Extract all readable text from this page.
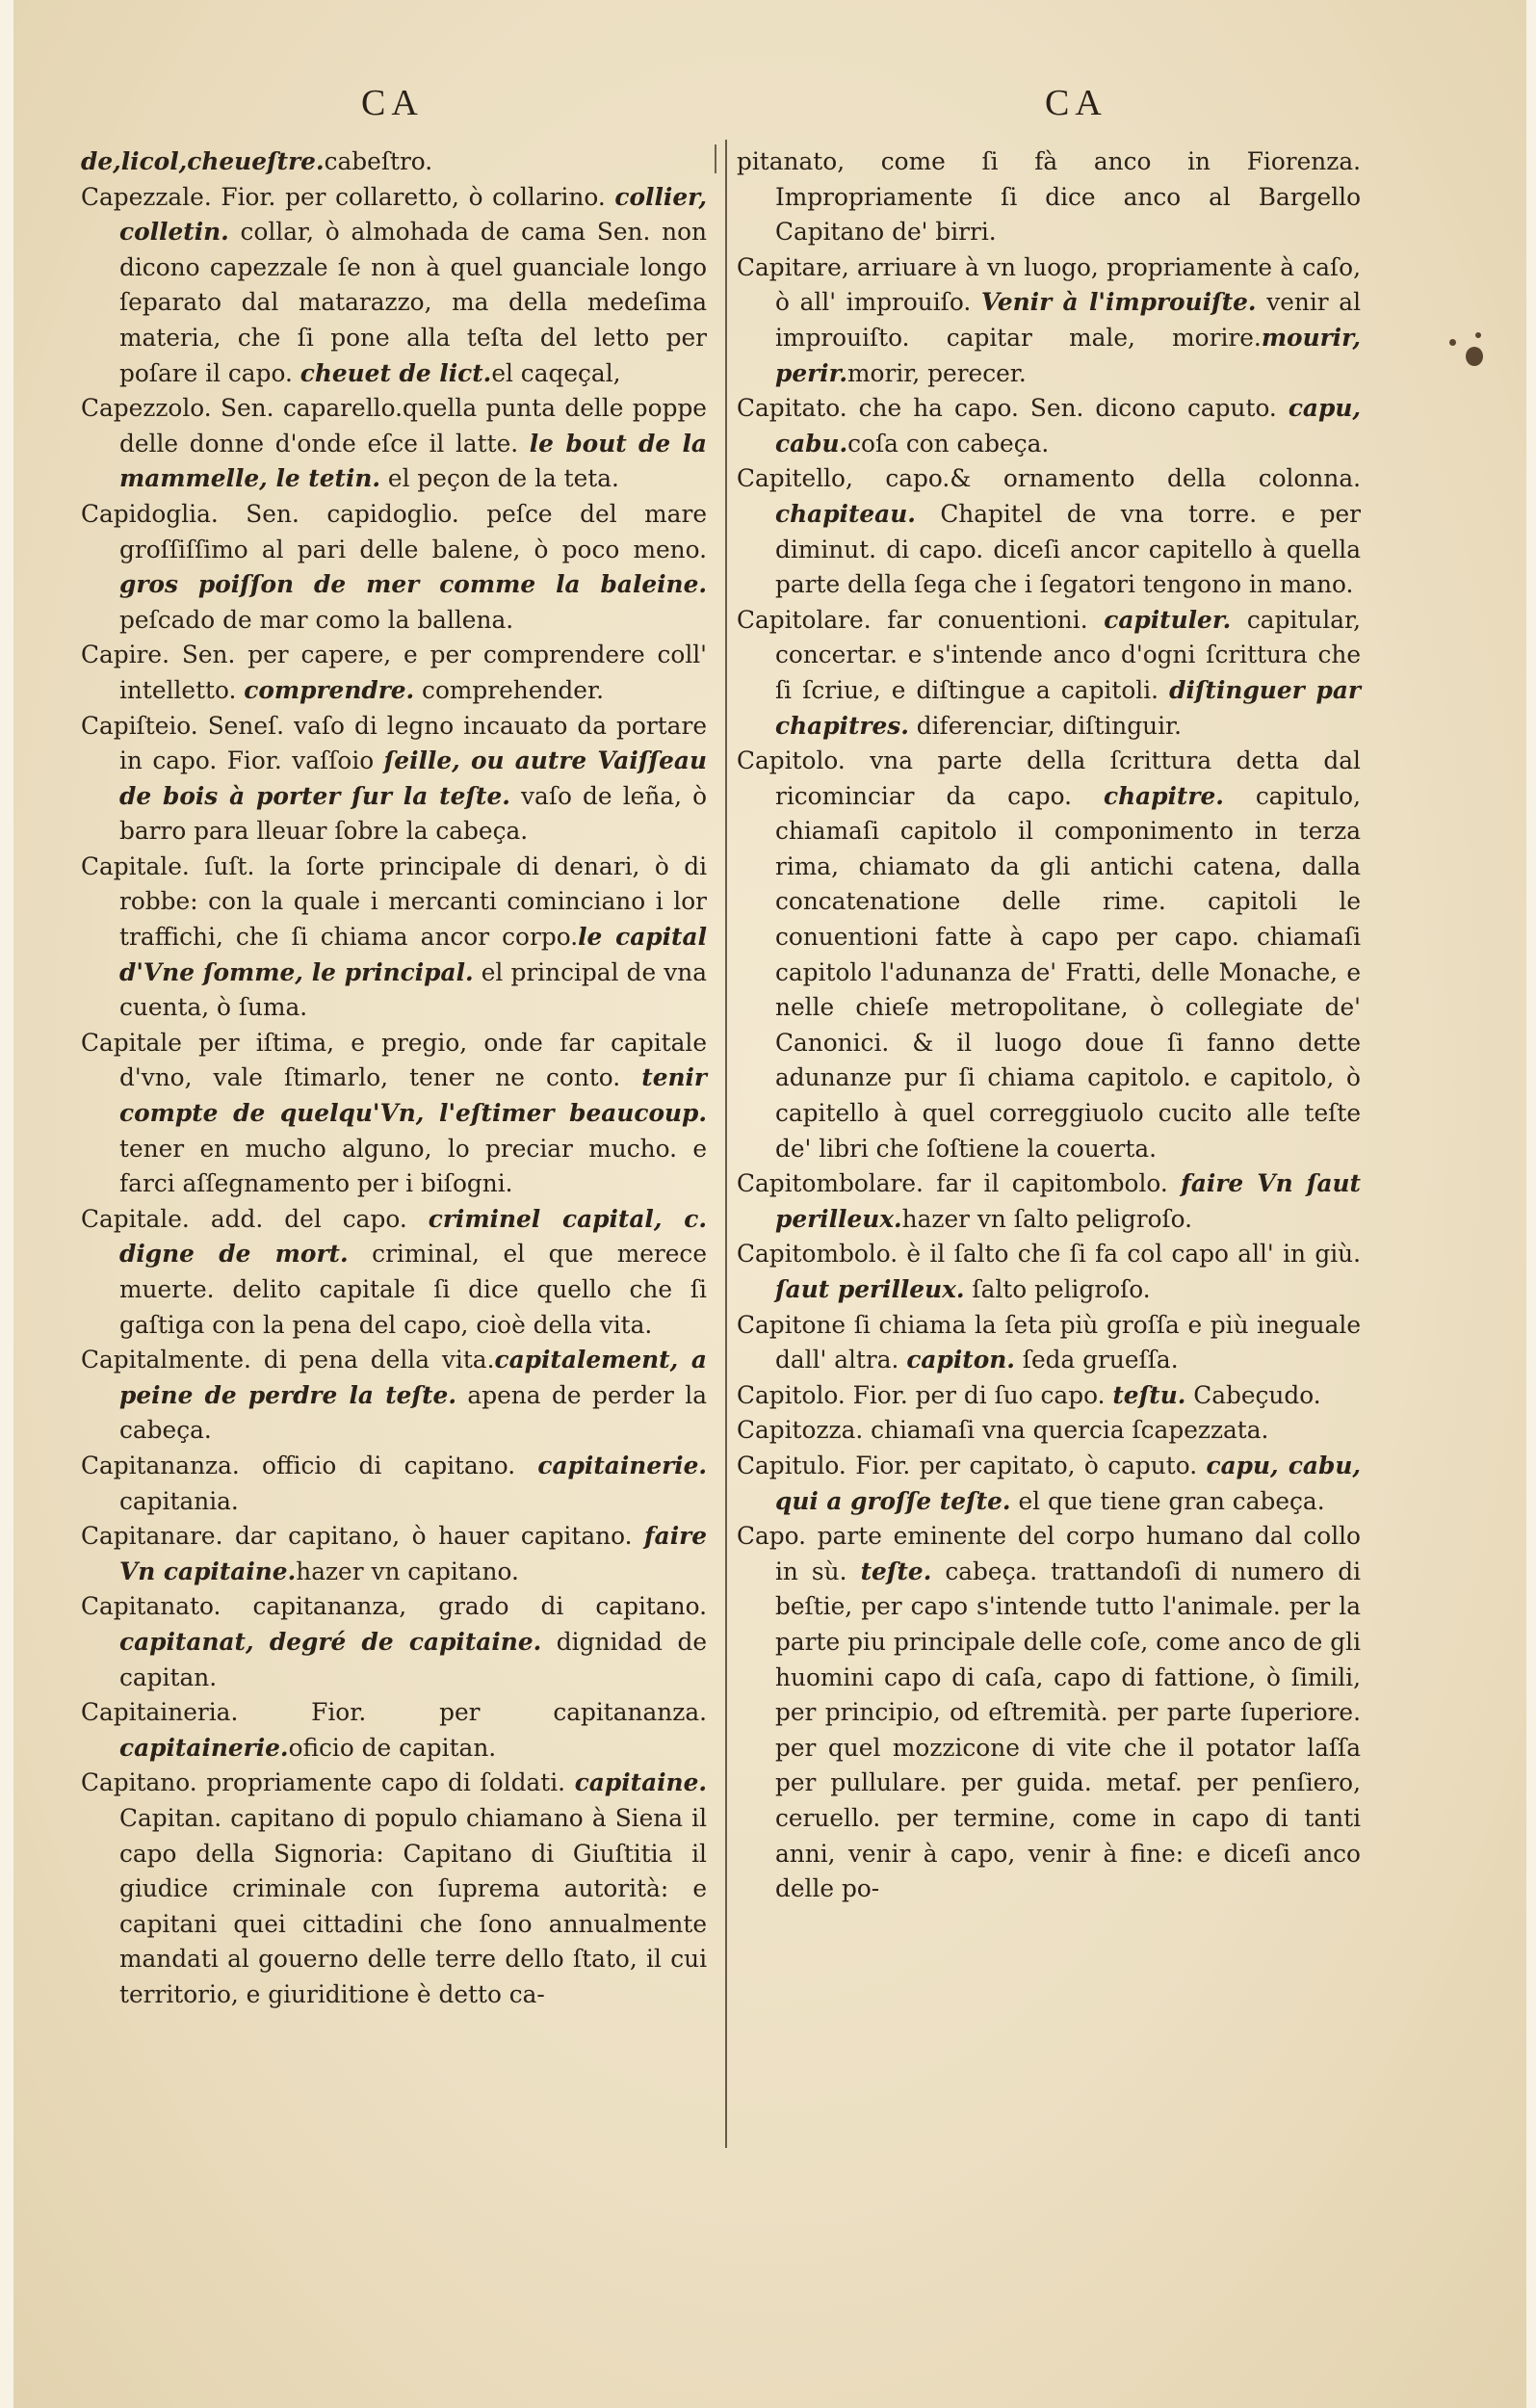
CA	CA

de,licol,cheueſtre.cabeſtro.

Capezzale. Fior. per collaretto, ò collarino. collier, colletin. collar, ò almohada de cama Sen. non dicono capezzale ſe non à quel guanciale longo ſeparato dal matarazzo, ma della medeſima materia, che ſi pone alla teſta del letto per poſare il capo. cheuet de lict.el caqeçal,

Capezzolo. Sen. caparello.quella punta delle poppe delle donne d'onde eſce il latte. le bout de la mammelle, le tetin. el peçon de la teta.

Capidoglia. Sen. capidoglio. peſce del mare groſſiſſimo al pari delle balene, ò poco meno. gros poiſſon de mer comme la baleine. peſcado de mar como la ballena.

Capire. Sen. per capere, e per comprendere coll' intelletto. comprendre. comprehender.

Capiſteio. Seneſ. vaſo di legno incauato da portare in capo. Fior. vaſſoio ſeille, ou autre Vaiſſeau de bois à porter ſur la teſte. vaſo de leña, ò barro para lleuar ſobre la cabeça.

Capitale. ſuſt. la ſorte principale di denari, ò di robbe: con la quale i mercanti cominciano i lor traffichi, che ſi chiama ancor corpo.le capital d'Vne ſomme, le principal. el principal de vna cuenta, ò ſuma.

Capitale per iſtima, e pregio, onde far capitale d'vno, vale ſtimarlo, tener ne conto. tenir compte de quelqu'Vn, l'eſtimer beaucoup. tener en mucho alguno, lo preciar mucho. e farci aſſegnamento per i biſogni.

Capitale. add. del capo. criminel capital, c. digne de mort. criminal, el que merece muerte. delito capitale ſi dice quello che ſi gaſtiga con la pena del capo, cioè della vita.

Capitalmente. di pena della vita.capitalement, a peine de perdre la teſte. apena de perder la cabeça.

Capitananza. officio di capitano. capitainerie. capitania.

Capitanare. dar capitano, ò hauer capitano. faire Vn capitaine.hazer vn capitano.

Capitanato. capitananza, grado di capitano. capitanat, degré de capitaine. dignidad de capitan.

Capitaineria. Fior. per capitananza. capitainerie.oficio de capitan.

Capitano. propriamente capo di ſoldati. capitaine. Capitan. capitano di populo chiamano à Siena il capo della Signoria: Capitano di Giuſtitia il giudice criminale con ſuprema autorità: e capitani quei cittadini che ſono annualmente mandati al gouerno delle terre dello ſtato, il cui territorio, e giuriditione è detto ca-

pitanato, come ſi fà anco in Fiorenza. Impropriamente ſi dice anco al Bargello Capitano de' birri.

Capitare, arriuare à vn luogo, propriamente à caſo, ò all' improuiſo. Venir à l'improuiſte. venir al improuiſto. capitar male, morire.mourir, perir.morir, perecer.

Capitato. che ha capo. Sen. dicono caputo. capu, cabu.coſa con cabeça.

Capitello, capo.& ornamento della colonna. chapiteau. Chapitel de vna torre. e per diminut. di capo. diceſi ancor capitello à quella parte della ſega che i ſegatori tengono in mano.

Capitolare. far conuentioni. capituler. capitular, concertar. e s'intende anco d'ogni ſcrittura che ſi ſcriue, e diſtingue a capitoli. diſtinguer par chapitres. diferenciar, diſtinguir.

Capitolo. vna parte della ſcrittura detta dal ricominciar da capo. chapitre. capitulo, chiamaſi capitolo il componimento in terza rima, chiamato da gli antichi catena, dalla concatenatione delle rime. capitoli le conuentioni fatte à capo per capo. chiamaſi capitolo l'adunanza de' Fratti, delle Monache, e nelle chieſe metropolitane, ò collegiate de' Canonici. & il luogo doue ſi fanno dette adunanze pur ſi chiama capitolo. e capitolo, ò capitello à quel correggiuolo cucito alle teſte de' libri che ſoſtiene la couerta.

Capitombolare. far il capitombolo. faire Vn ſaut perilleux.hazer vn ſalto peligroſo.

Capitombolo. è il ſalto che ſi fa col capo all' in giù. ſaut perilleux. ſalto peligroſo.

Capitone ſi chiama la ſeta più groſſa e più ineguale dall' altra. capiton. ſeda grueſſa.

Capitolo. Fior. per di ſuo capo. teſtu. Cabeçudo.

Capitozza. chiamaſi vna quercia ſcapezzata.

Capitulo. Fior. per capitato, ò caputo. capu, cabu, qui a groſſe teſte. el que tiene gran cabeça.

Capo. parte eminente del corpo humano dal collo in sù. teſte. cabeça. trattandoſi di numero di beſtie, per capo s'intende tutto l'animale. per la parte piu principale delle coſe, come anco de gli huomini capo di caſa, capo di fattione, ò ſimili, per principio, od eſtremità. per parte ſuperiore. per quel mozzicone di vite che il potator laſſa per pullulare. per guida. metaf. per penſiero, ceruello. per termine, come in capo di tanti anni, venir à capo, venir à fine: e diceſi anco delle po-
